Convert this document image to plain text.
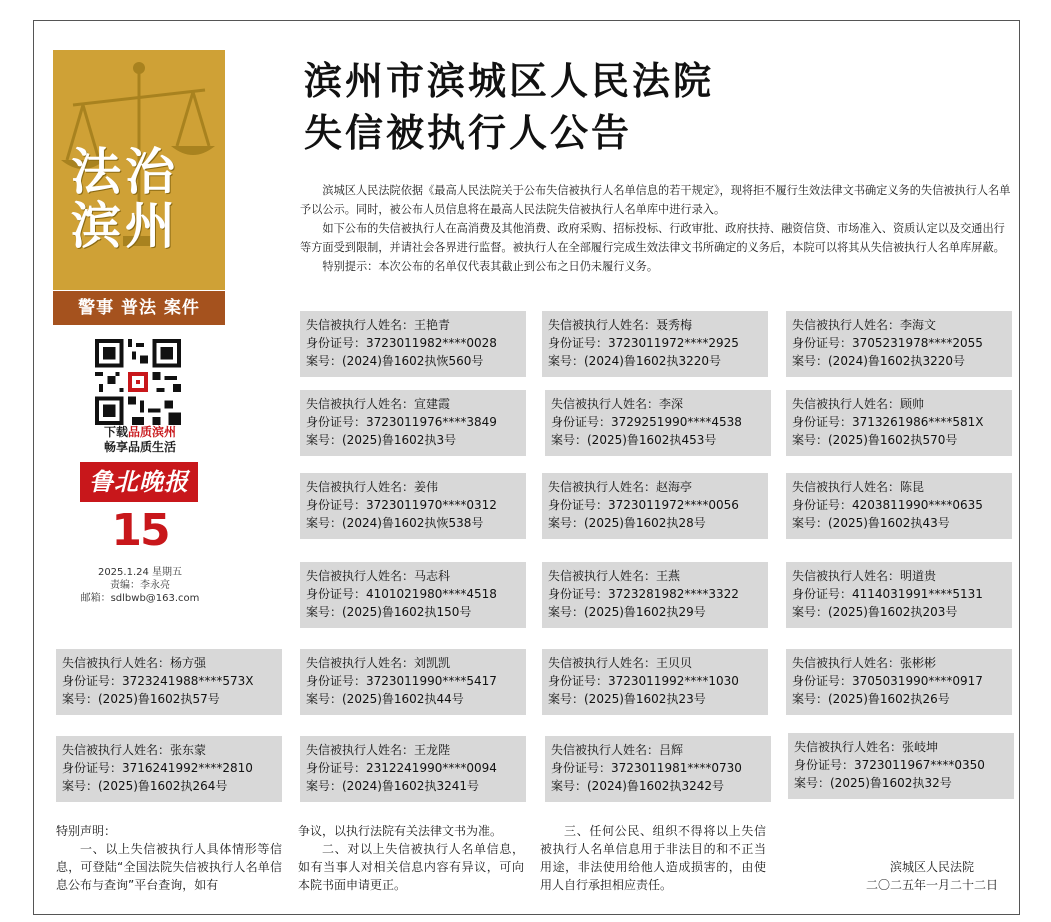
法治
滨州
警事 普法 案件
下载品质滨州
畅享品质生活
鲁北晚报
15
2025.1.24 星期五
责编：李永亮
邮箱：sdlbwb@163.com
滨州市滨城区人民法院
失信被执行人公告

滨城区人民法院依据《最高人民法院关于公布失信被执行人名单信息的若干规定》，现将拒不履行生效法律文书确定义务的失信被执行人名单予以公示。同时，被公布人员信息将在最高人民法院失信被执行人名单库中进行录入。

如下公布的失信被执行人在高消费及其他消费、政府采购、招标投标、行政审批、政府扶持、融资信贷、市场准入、资质认定以及交通出行等方面受到限制，并请社会各界进行监督。被执行人在全部履行完成生效法律文书所确定的义务后，本院可以将其从失信被执行人名单库屏蔽。

特别提示：本次公布的名单仅代表其截止到公布之日仍未履行义务。

失信被执行人姓名：王艳青
身份证号：3723011982****0028
案号：(2024)鲁1602执恢560号
失信被执行人姓名：聂秀梅
身份证号：3723011972****2925
案号：(2024)鲁1602执3220号
失信被执行人姓名：李海文
身份证号：3705231978****2055
案号：(2024)鲁1602执3220号
失信被执行人姓名：宣建霞
身份证号：3723011976****3849
案号：(2025)鲁1602执3号
失信被执行人姓名：李深
身份证号：3729251990****4538
案号：(2025)鲁1602执453号
失信被执行人姓名：顾帅
身份证号：3713261986****581X
案号：(2025)鲁1602执570号
失信被执行人姓名：姜伟
身份证号：3723011970****0312
案号：(2024)鲁1602执恢538号
失信被执行人姓名：赵海亭
身份证号：3723011972****0056
案号：(2025)鲁1602执28号
失信被执行人姓名：陈昆
身份证号：4203811990****0635
案号：(2025)鲁1602执43号
失信被执行人姓名：马志科
身份证号：4101021980****4518
案号：(2025)鲁1602执150号
失信被执行人姓名：王燕
身份证号：3723281982****3322
案号：(2025)鲁1602执29号
失信被执行人姓名：明道贵
身份证号：4114031991****5131
案号：(2025)鲁1602执203号
失信被执行人姓名：杨方强
身份证号：3723241988****573X
案号：(2025)鲁1602执57号
失信被执行人姓名：刘凯凯
身份证号：3723011990****5417
案号：(2025)鲁1602执44号
失信被执行人姓名：王贝贝
身份证号：3723011992****1030
案号：(2025)鲁1602执23号
失信被执行人姓名：张彬彬
身份证号：3705031990****0917
案号：(2025)鲁1602执26号
失信被执行人姓名：张东蒙
身份证号：3716241992****2810
案号：(2025)鲁1602执264号
失信被执行人姓名：王龙陛
身份证号：2312241990****0094
案号：(2024)鲁1602执3241号
失信被执行人姓名：吕辉
身份证号：3723011981****0730
案号：(2024)鲁1602执3242号
失信被执行人姓名：张岐坤
身份证号：3723011967****0350
案号：(2025)鲁1602执32号
特别声明：

一、以上失信被执行人具体情形等信息，可登陆“全国法院失信被执行人名单信息公布与查询”平台查询，如有

争议，以执行法院有关法律文书为准。

二、对以上失信被执行人名单信息，如有当事人对相关信息内容有异议，可向本院书面申请更正。

三、任何公民、组织不得将以上失信被执行人名单信息用于非法目的和不正当用途，非法使用给他人造成损害的，由使用人自行承担相应责任。

滨城区人民法院
二〇二五年一月二十二日
